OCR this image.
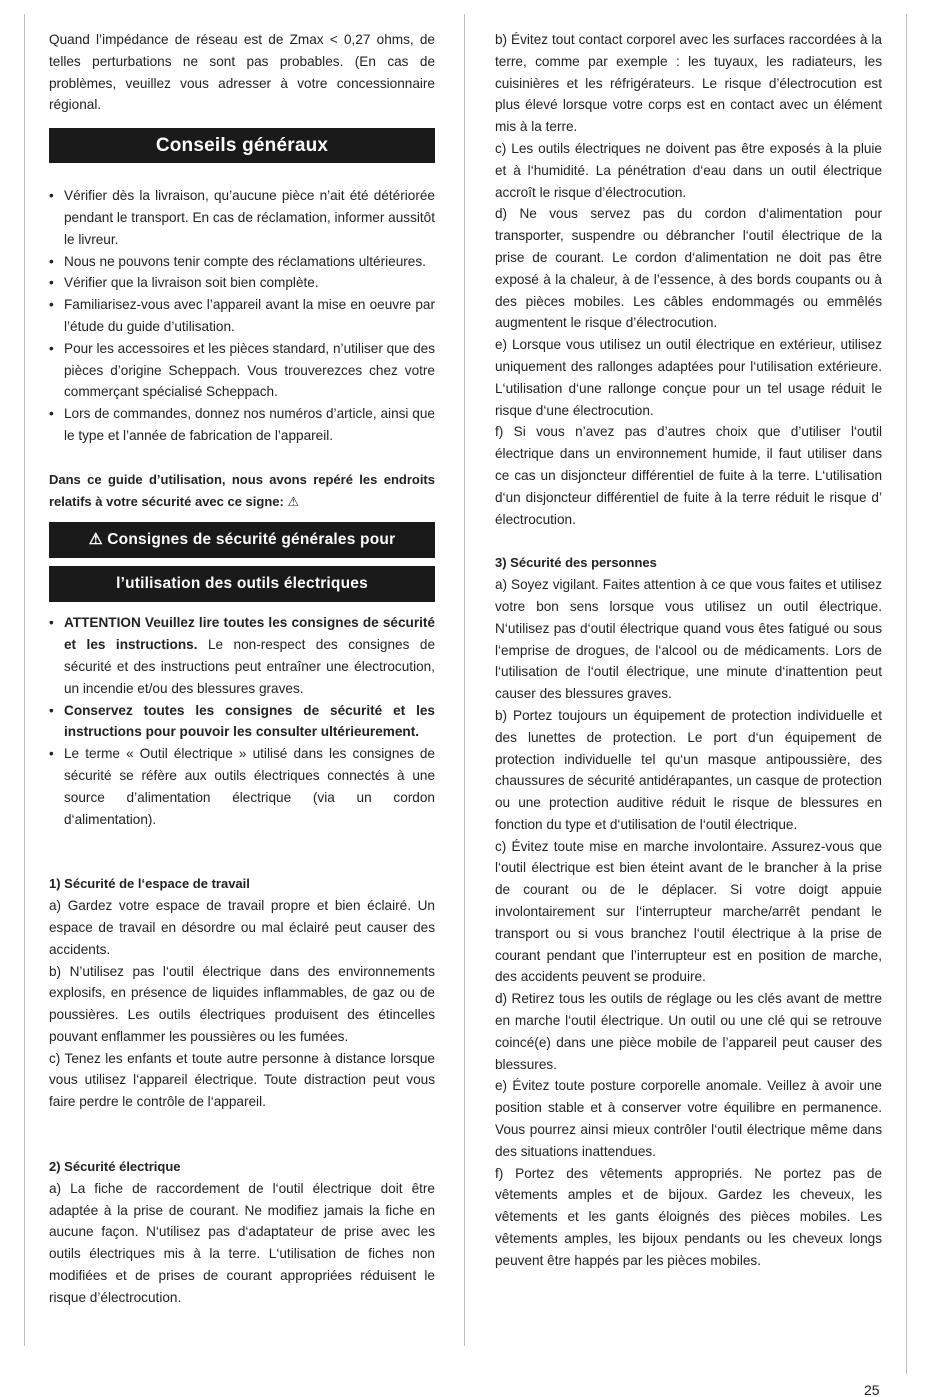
Quand l’impédance de réseau est de Zmax < 0,27 ohms, de telles perturbations ne sont pas probables. (En cas de problèmes, veuillez vous adresser à votre concessionnaire régional.

Conseils généraux
• Vérifier dès la livraison, qu’aucune pièce n’ait été détériorée pendant le transport. En cas de réclamation, informer aussitôt le livreur.
• Nous ne pouvons tenir compte des réclamations ultérieures.
• Vérifier que la livraison soit bien complète.
• Familiarisez-vous avec l’appareil avant la mise en oeuvre par l’étude du guide d’utilisation.
• Pour les accessoires et les pièces standard, n’utiliser que des pièces d’origine Scheppach. Vous trouverezces chez votre commerçant spécialisé Scheppach.
• Lors de commandes, donnez nos numéros d’article, ainsi que le type et l’année de fabrication de l’appareil.

Dans ce guide d’utilisation, nous avons repéré les endroits relatifs à votre sécurité avec ce signe: ⚠

⚠ Consignes de sécurité générales pour
l’utilisation des outils électriques
• ATTENTION Veuillez lire toutes les consignes de sécurité et les instructions. Le non-respect des consignes de sécurité et des instructions peut entraîner une électrocution, un incendie et/ou des blessures graves.
• Conservez toutes les consignes de sécurité et les instructions pour pouvoir les consulter ultérieurement.
• Le terme « Outil électrique » utilisé dans les consignes de sécurité se réfère aux outils électriques connectés à une source d’alimentation électrique (via un cordon d‘alimentation).

1) Sécurité de l‘espace de travail

a) Gardez votre espace de travail propre et bien éclairé. Un espace de travail en désordre ou mal éclairé peut causer des accidents.

b) N’utilisez pas l‘outil électrique dans des environnements explosifs, en présence de liquides inflammables, de gaz ou de poussières. Les outils électriques produisent des étincelles pouvant enflammer les poussières ou les fumées.

c) Tenez les enfants et toute autre personne à distance lorsque vous utilisez l‘appareil électrique. Toute distraction peut vous faire perdre le contrôle de l‘appareil.

2) Sécurité électrique

a) La fiche de raccordement de l‘outil électrique doit être adaptée à la prise de courant. Ne modifiez jamais la fiche en aucune façon. N‘utilisez pas d‘adaptateur de prise avec les outils électriques mis à la terre. L‘utilisation de fiches non modifiées et de prises de courant appropriées réduisent le risque d’électrocution.

b) Évitez tout contact corporel avec les surfaces raccordées à la terre, comme par exemple : les tuyaux, les radiateurs, les cuisinières et les réfrigérateurs. Le risque d’électrocution est plus élevé lorsque votre corps est en contact avec un élément mis à la terre.

c) Les outils électriques ne doivent pas être exposés à la pluie et à l‘humidité. La pénétration d‘eau dans un outil électrique accroît le risque d’électrocution.

d) Ne vous servez pas du cordon d‘alimentation pour transporter, suspendre ou débrancher l‘outil électrique de la prise de courant. Le cordon d‘alimentation ne doit pas être exposé à la chaleur, à de l’essence, à des bords coupants ou à des pièces mobiles. Les câbles endommagés ou emmêlés augmentent le risque d’électrocution.

e) Lorsque vous utilisez un outil électrique en extérieur, utilisez uniquement des rallonges adaptées pour l‘utilisation extérieure. L‘utilisation d‘une rallonge conçue pour un tel usage réduit le risque d‘une électrocution.

f) Si vous n’avez pas d’autres choix que d’utiliser l‘outil électrique dans un environnement humide, il faut utiliser dans ce cas un disjoncteur différentiel de fuite à la terre. L‘utilisation d‘un disjoncteur différentiel de fuite à la terre réduit le risque d’ électrocution.

3) Sécurité des personnes

a) Soyez vigilant. Faites attention à ce que vous faites et utilisez votre bon sens lorsque vous utilisez un outil électrique. N‘utilisez pas d‘outil électrique quand vous êtes fatigué ou sous l‘emprise de drogues, de l‘alcool ou de médicaments. Lors de l‘utilisation de l‘outil électrique, une minute d‘inattention peut causer des blessures graves.

b) Portez toujours un équipement de protection individuelle et des lunettes de protection. Le port d‘un équipement de protection individuelle tel qu‘un masque antipoussière, des chaussures de sécurité antidérapantes, un casque de protection ou une protection auditive réduit le risque de blessures en fonction du type et d‘utilisation de l‘outil électrique.

c) Évitez toute mise en marche involontaire. Assurez-vous que l‘outil électrique est bien éteint avant de le brancher à la prise de courant ou de le déplacer. Si votre doigt appuie involontairement sur l‘interrupteur marche/arrêt pendant le transport ou si vous branchez l‘outil électrique à la prise de courant pendant que l’interrupteur est en position de marche, des accidents peuvent se produire.

d) Retirez tous les outils de réglage ou les clés avant de mettre en marche l‘outil électrique. Un outil ou une clé qui se retrouve coincé(e) dans une pièce mobile de l’appareil peut causer des blessures.

e) Évitez toute posture corporelle anomale. Veillez à avoir une position stable et à conserver votre équilibre en permanence. Vous pourrez ainsi mieux contrôler l‘outil électrique même dans des situations inattendues.

f) Portez des vêtements appropriés. Ne portez pas de vêtements amples et de bijoux. Gardez les cheveux, les vêtements et les gants éloignés des pièces mobiles. Les vêtements amples, les bijoux pendants ou les cheveux longs peuvent être happés par les pièces mobiles.

25
